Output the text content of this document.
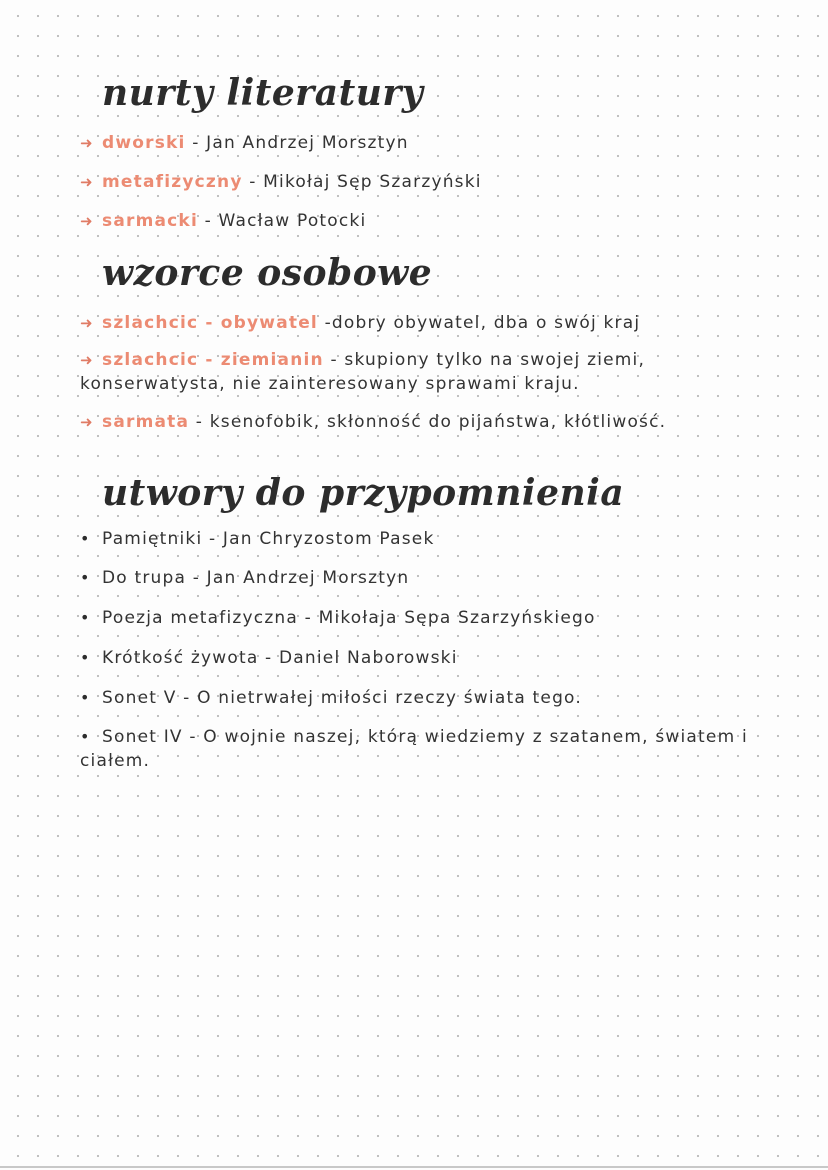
nurty literatury
➜ dworski - Jan Andrzej Morsztyn
➜ metafizyczny - Mikołaj Sęp Szarzyński
➜ sarmacki - Wacław Potocki
wzorce osobowe
➜ szlachcic - obywatel -dobry obywatel, dba o swój kraj
➜ szlachcic - ziemianin - skupiony tylko na swojej ziemi, konserwatysta, nie zainteresowany sprawami kraju.
➜ sarmata - ksenofobik, skłonność do pijaństwa, kłótliwość.
utwory do przypomnienia
• Pamiętniki - Jan Chryzostom Pasek
• Do trupa - Jan Andrzej Morsztyn
• Poezja metafizyczna - Mikołaja Sępa Szarzyńskiego
• Krótkość żywota - Daniel Naborowski
• Sonet V - O nietrwałej miłości rzeczy świata tego.
• Sonet IV - O wojnie naszej, którą wiedziemy z szatanem, światem i ciałem.
